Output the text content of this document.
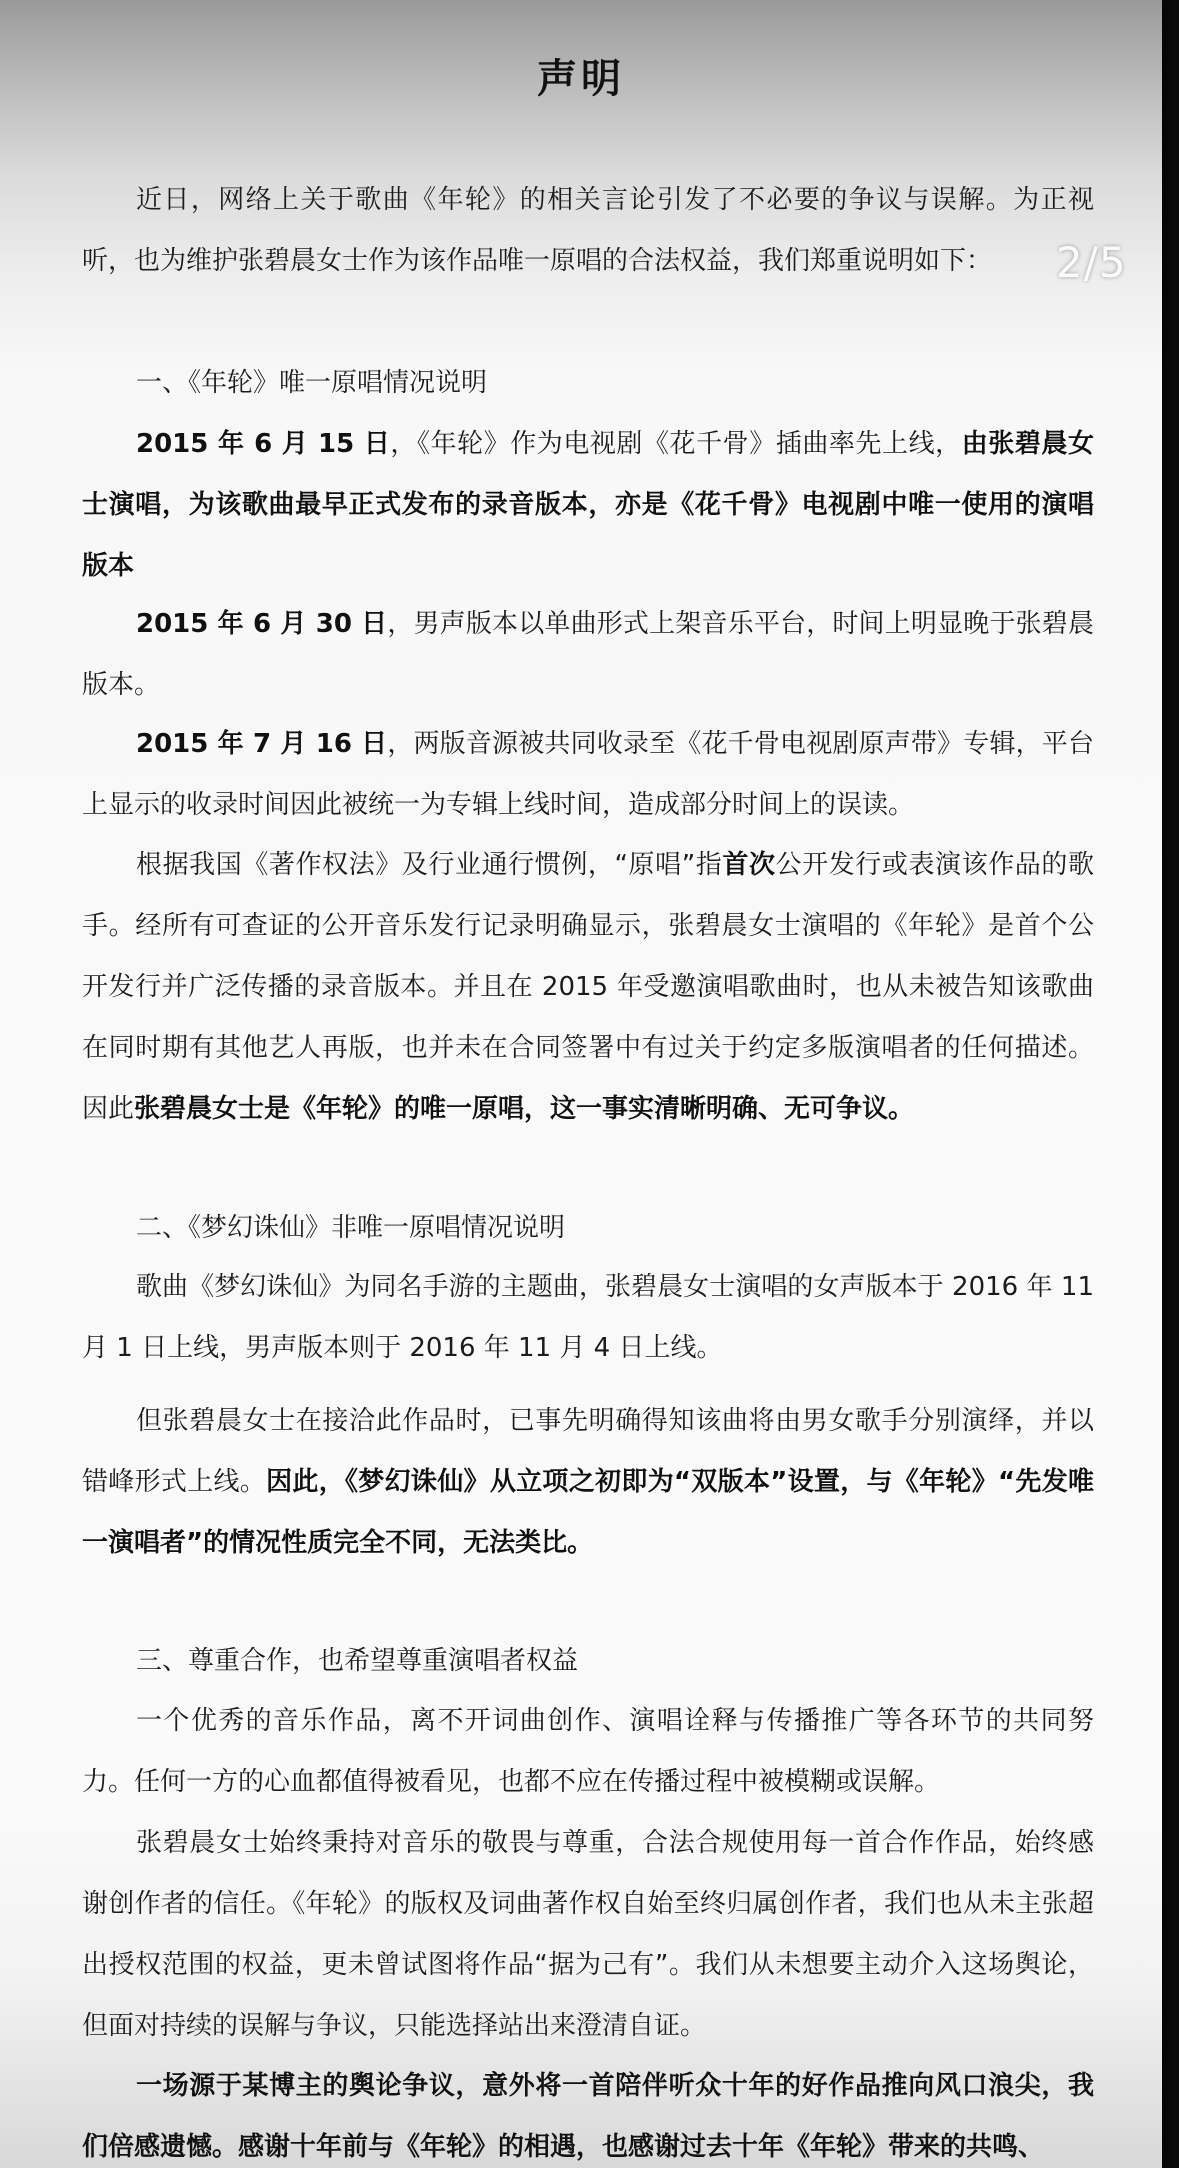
声明

近日，网络上关于歌曲《年轮》的相关言论引发了不必要的争议与误解。为正视听，也为维护张碧晨女士作为该作品唯一原唱的合法权益，我们郑重说明如下：

一、《年轮》唯一原唱情况说明

2015 年 6 月 15 日，《年轮》作为电视剧《花千骨》插曲率先上线，由张碧晨女士演唱，为该歌曲最早正式发布的录音版本，亦是《花千骨》电视剧中唯一使用的演唱版本

2015 年 6 月 30 日，男声版本以单曲形式上架音乐平台，时间上明显晚于张碧晨版本。

2015 年 7 月 16 日，两版音源被共同收录至《花千骨电视剧原声带》专辑，平台上显示的收录时间因此被统一为专辑上线时间，造成部分时间上的误读。

根据我国《著作权法》及行业通行惯例，“原唱”指首次公开发行或表演该作品的歌手。经所有可查证的公开音乐发行记录明确显示，张碧晨女士演唱的《年轮》是首个公开发行并广泛传播的录音版本。并且在 2015 年受邀演唱歌曲时，也从未被告知该歌曲在同时期有其他艺人再版，也并未在合同签署中有过关于约定多版演唱者的任何描述。因此张碧晨女士是《年轮》的唯一原唱，这一事实清晰明确、无可争议。

二、《梦幻诛仙》非唯一原唱情况说明

歌曲《梦幻诛仙》为同名手游的主题曲，张碧晨女士演唱的女声版本于 2016 年 11 月 1 日上线，男声版本则于 2016 年 11 月 4 日上线。

但张碧晨女士在接洽此作品时，已事先明确得知该曲将由男女歌手分别演绎，并以错峰形式上线。因此，《梦幻诛仙》从立项之初即为“双版本”设置，与《年轮》“先发唯一演唱者”的情况性质完全不同，无法类比。

三、尊重合作，也希望尊重演唱者权益

一个优秀的音乐作品，离不开词曲创作、演唱诠释与传播推广等各环节的共同努力。任何一方的心血都值得被看见，也都不应在传播过程中被模糊或误解。

张碧晨女士始终秉持对音乐的敬畏与尊重，合法合规使用每一首合作作品，始终感谢创作者的信任。《年轮》的版权及词曲著作权自始至终归属创作者，我们也从未主张超出授权范围的权益，更未曾试图将作品“据为己有”。我们从未想要主动介入这场舆论，但面对持续的误解与争议，只能选择站出来澄清自证。

一场源于某博主的舆论争议，意外将一首陪伴听众十年的好作品推向风口浪尖，我们倍感遗憾。感谢十年前与《年轮》的相遇，也感谢过去十年《年轮》带来的共鸣、

2/5
